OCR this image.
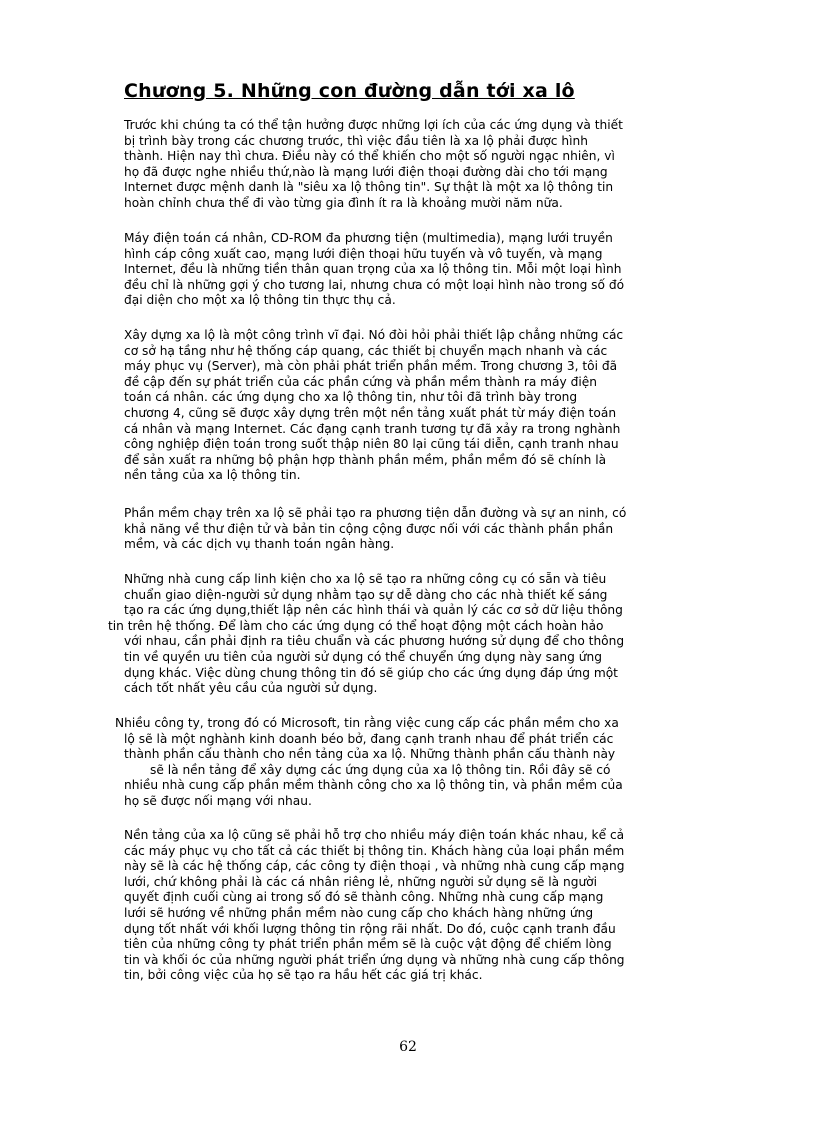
Chương 5. Những con đường dẫn tới xa lô
Trước khi chúng ta có thể tận hưởng được những lợi ích của các ứng dụng và thiết
bị trình bày trong các chương trước, thì việc đầu tiên là xa lộ phải được hình
thành. Hiện nay thì chưa. Điều này có thể khiến cho một số người ngạc nhiên, vì
họ đã được nghe nhiều thứ,nào là mạng lưới điện thoại đường dài cho tới mạng
Internet được mệnh danh là "siêu xa lộ thông tin". Sự thật là một xa lộ thông tin
hoàn chỉnh chưa thể đi vào từng gia đình ít ra là khoảng mười năm nữa.
Máy điện toán cá nhân, CD-ROM đa phương tiện (multimedia), mạng lưới truyền
hình cáp công xuất cao, mạng lưới điện thoại hữu tuyến và vô tuyến, và mạng
Internet, đều là những tiền thân quan trọng của xa lộ thông tin. Mỗi một loại hình
đều chỉ là những gợi ý cho tương lai, nhưng chưa có một loại hình nào trong số đó
đại diện cho một xa lộ thông tin thực thụ cả.
Xây dựng xa lộ là một công trình vĩ đại. Nó đòi hỏi phải thiết lập chẳng những các
cơ sở hạ tầng như hệ thống cáp quang, các thiết bị chuyển mạch nhanh và các
máy phục vụ (Server), mà còn phải phát triển phần mềm. Trong chương 3, tôi đã
đề cập đến sự phát triển của các phần cứng và phần mềm thành ra máy điện
toán cá nhân. các ứng dụng cho xa lộ thông tin, như tôi đã trình bày trong
chương 4, cũng sẽ được xây dựng trên một nền tảng xuất phát từ máy điện toán
cá nhân và mạng Internet. Các đạng cạnh tranh tương tự đã xảy ra trong nghành
công nghiệp điện toán trong suốt thập niên 80 lại cũng tái diễn, cạnh tranh nhau
để sản xuất ra những bộ phận hợp thành phần mềm, phần mềm đó sẽ chính là
nền tảng của xa lộ thông tin.
Phần mềm chạy trên xa lộ sẽ phải tạo ra phương tiện dẫn đường và sự an ninh, có
khả năng về thư điện tử và bản tin cộng cộng được nối với các thành phần phần
mềm, và các dịch vụ thanh toán ngân hàng.
Những nhà cung cấp linh kiện cho xa lộ sẽ tạo ra những công cụ có sẵn và tiêu
chuẩn giao diện-người sử dụng nhằm tạo sự dễ dàng cho các nhà thiết kế sáng
tạo ra các ứng dụng,thiết lập nên các hình thái và quản lý các cơ sở dữ liệu thông
tin trên hệ thống. Để làm cho các ứng dụng có thể hoạt động một cách hoàn hảo
với nhau, cần phải định ra tiêu chuẩn và các phương hướng sử dụng để cho thông
tin về quyền ưu tiên của người sử dụng có thể chuyển ứng dụng này sang ứng
dụng khác. Việc dùng chung thông tin đó sẽ giúp cho các ứng dụng đáp ứng một
cách tốt nhất yêu cầu của người sử dụng.
Nhiều công ty, trong đó có Microsoft, tin rằng việc cung cấp các phần mềm cho xa
lộ sẽ là một nghành kinh doanh béo bở, đang cạnh tranh nhau để phát triển các
thành phần cấu thành cho nền tảng của xa lộ. Những thành phần cấu thành này
sẽ là nền tảng để xây dựng các ứng dụng của xa lộ thông tin. Rồi đây sẽ có
nhiều nhà cung cấp phần mềm thành công cho xa lộ thông tin, và phần mềm của
họ sẽ được nối mạng với nhau.
Nền tảng của xa lộ cũng sẽ phải hỗ trợ cho nhiều máy điện toán khác nhau, kể cả
các máy phục vụ cho tất cả các thiết bị thông tin. Khách hàng của loại phần mềm
này sẽ là các hệ thống cáp, các công ty điện thoại , và những nhà cung cấp mạng
lưới, chứ không phải là các cá nhân riêng lẻ, những người sử dụng sẽ là người
quyết định cuối cùng ai trong số đó sẽ thành công. Những nhà cung cấp mạng
lưới sẽ hướng về những phần mềm nào cung cấp cho khách hàng những ứng
dụng tốt nhất với khối lượng thông tin rộng rãi nhất. Do đó, cuộc cạnh tranh đầu
tiên của những công ty phát triển phần mềm sẽ là cuộc vật động để chiếm lòng
tin và khối óc của những người phát triển ứng dụng và những nhà cung cấp thông
tin, bởi công việc của họ sẽ tạo ra hầu hết các giá trị khác.
62
